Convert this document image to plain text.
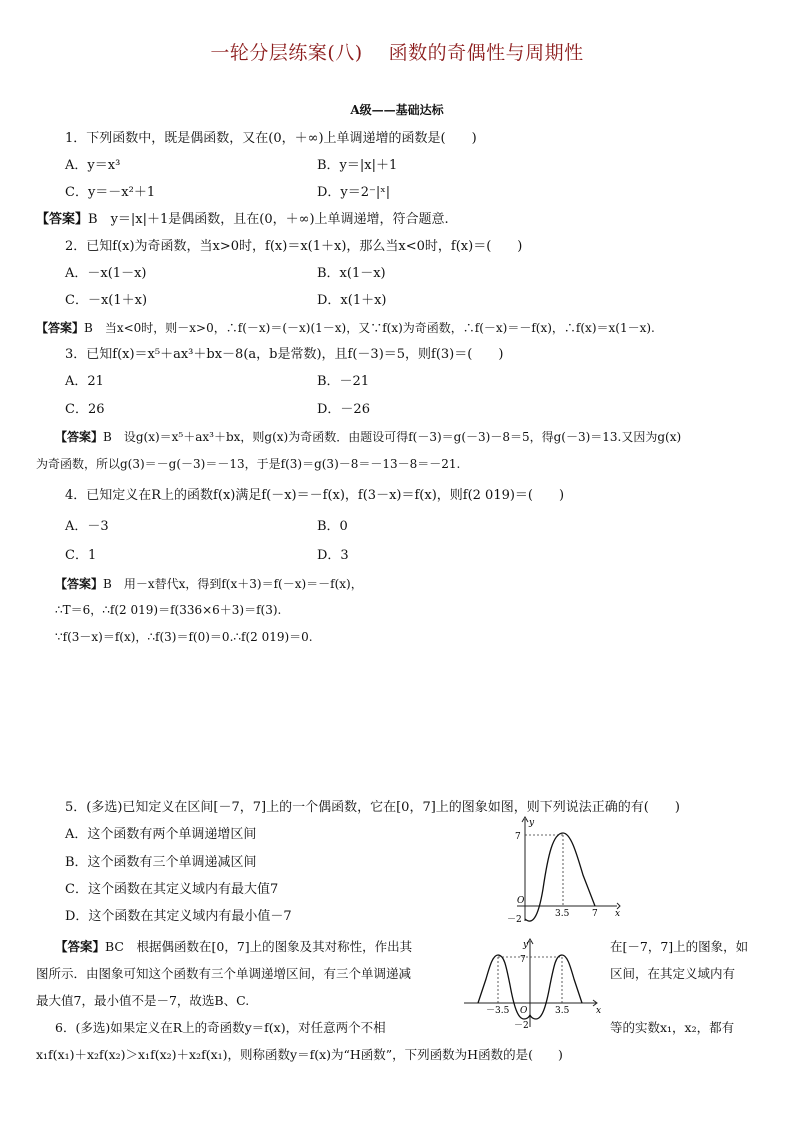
一轮分层练案(八) 函数的奇偶性与周期性
A级——基础达标
1．下列函数中，既是偶函数，又在(0，＋∞)上单调递增的函数是(　　)
A．y＝x³	B．y＝|x|＋1
C．y＝－x²＋1	D．y＝2⁻|ˣ|
【答案】B　y＝|x|＋1是偶函数，且在(0，＋∞)上单调递增，符合题意.
2．已知f(x)为奇函数，当x>0时，f(x)＝x(1＋x)，那么当x<0时，f(x)＝(　　)
A．－x(1－x)	B．x(1－x)
C．－x(1＋x)	D．x(1＋x)
【答案】B　当x<0时，则－x>0，∴f(－x)＝(－x)(1－x)，又∵f(x)为奇函数，∴f(－x)＝－f(x)，∴f(x)＝x(1－x).
3．已知f(x)＝x⁵＋ax³＋bx－8(a，b是常数)，且f(－3)＝5，则f(3)＝(　　)
A．21	B．－21
C．26	D．－26
【答案】B　设g(x)＝x⁵＋ax³＋bx，则g(x)为奇函数．由题设可得f(－3)＝g(－3)－8＝5，得g(－3)＝13.又因为g(x)
为奇函数，所以g(3)＝－g(－3)＝－13，于是f(3)＝g(3)－8＝－13－8＝－21.
4．已知定义在R上的函数f(x)满足f(－x)＝－f(x)，f(3－x)＝f(x)，则f(2 019)＝(　　)
A．－3	B．0
C．1	D．3
【答案】B　用－x替代x，得到f(x＋3)＝f(－x)＝－f(x)，
∴T＝6，∴f(2 019)＝f(336×6＋3)＝f(3).
∵f(3－x)＝f(x)，∴f(3)＝f(0)＝0.∴f(2 019)＝0.
5．(多选)已知定义在区间[－7，7]上的一个偶函数，它在[0，7]上的图象如图，则下列说法正确的有(　　)
A．这个函数有两个单调递增区间
B．这个函数有三个单调递减区间
C．这个函数在其定义域内有最大值7
D．这个函数在其定义域内有最小值－7
【答案】BC　根据偶函数在[0，7]上的图象及其对称性，作出其	在[－7，7]上的图象，如
图所示．由图象可知这个函数有三个单调递增区间，有三个单调递减	区间，在其定义域内有
最大值7，最小值不是－7，故选B、C.
6．(多选)如果定义在R上的奇函数y＝f(x)，对任意两个不相	等的实数x₁，x₂，都有
x₁f(x₁)＋x₂f(x₂)＞x₁f(x₂)＋x₂f(x₁)，则称函数y＝f(x)为“H函数”，下列函数为H函数的是(　　)
y
x
O
7
－2
3.5	7
y
x
O
7
－2
－3.5	3.5
